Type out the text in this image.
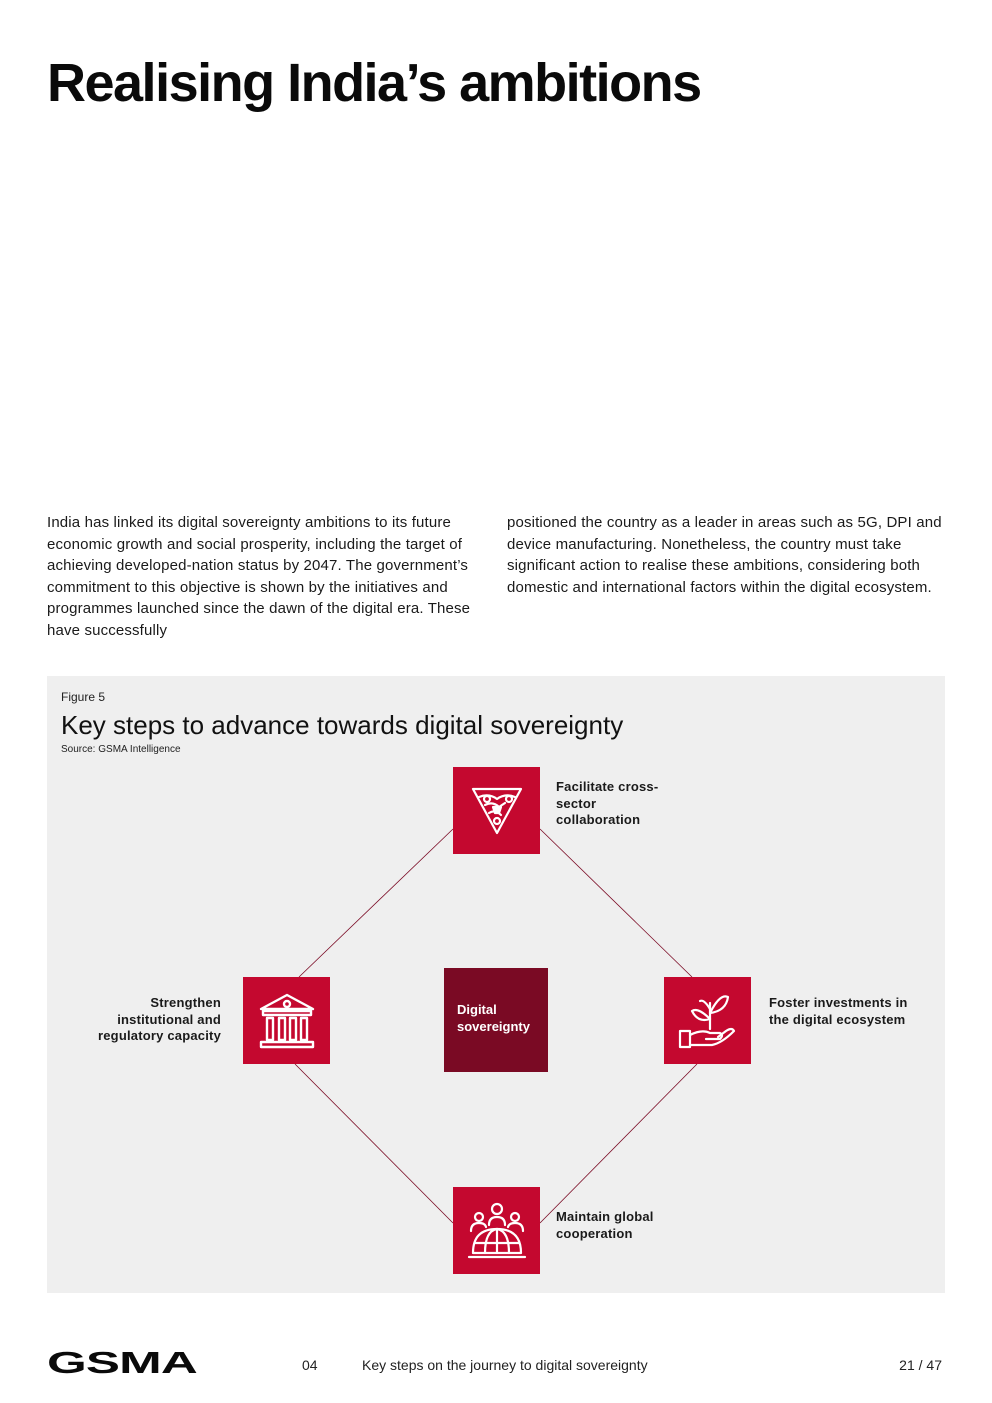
Realising India’s ambitions

India has linked its digital sovereignty ambitions to its future economic growth and social prosperity, including the target of achieving developed-nation status by 2047. The government’s commitment to this objective is shown by the initiatives and programmes launched since the dawn of the digital era. These have successfully

positioned the country as a leader in areas such as 5G, DPI and device manufacturing. Nonetheless, the country must take significant action to realise these ambitions, considering both domestic and international factors within the digital ecosystem.

Figure 5
Key steps to advance towards digital sovereignty
Source: GSMA Intelligence
Facilitate cross-sector collaboration
Strengthen institutional and regulatory capacity
Digital sovereignty
Foster investments in the digital ecosystem
Maintain global cooperation
GSMA	04	Key steps on the journey to digital sovereignty	21 / 47
